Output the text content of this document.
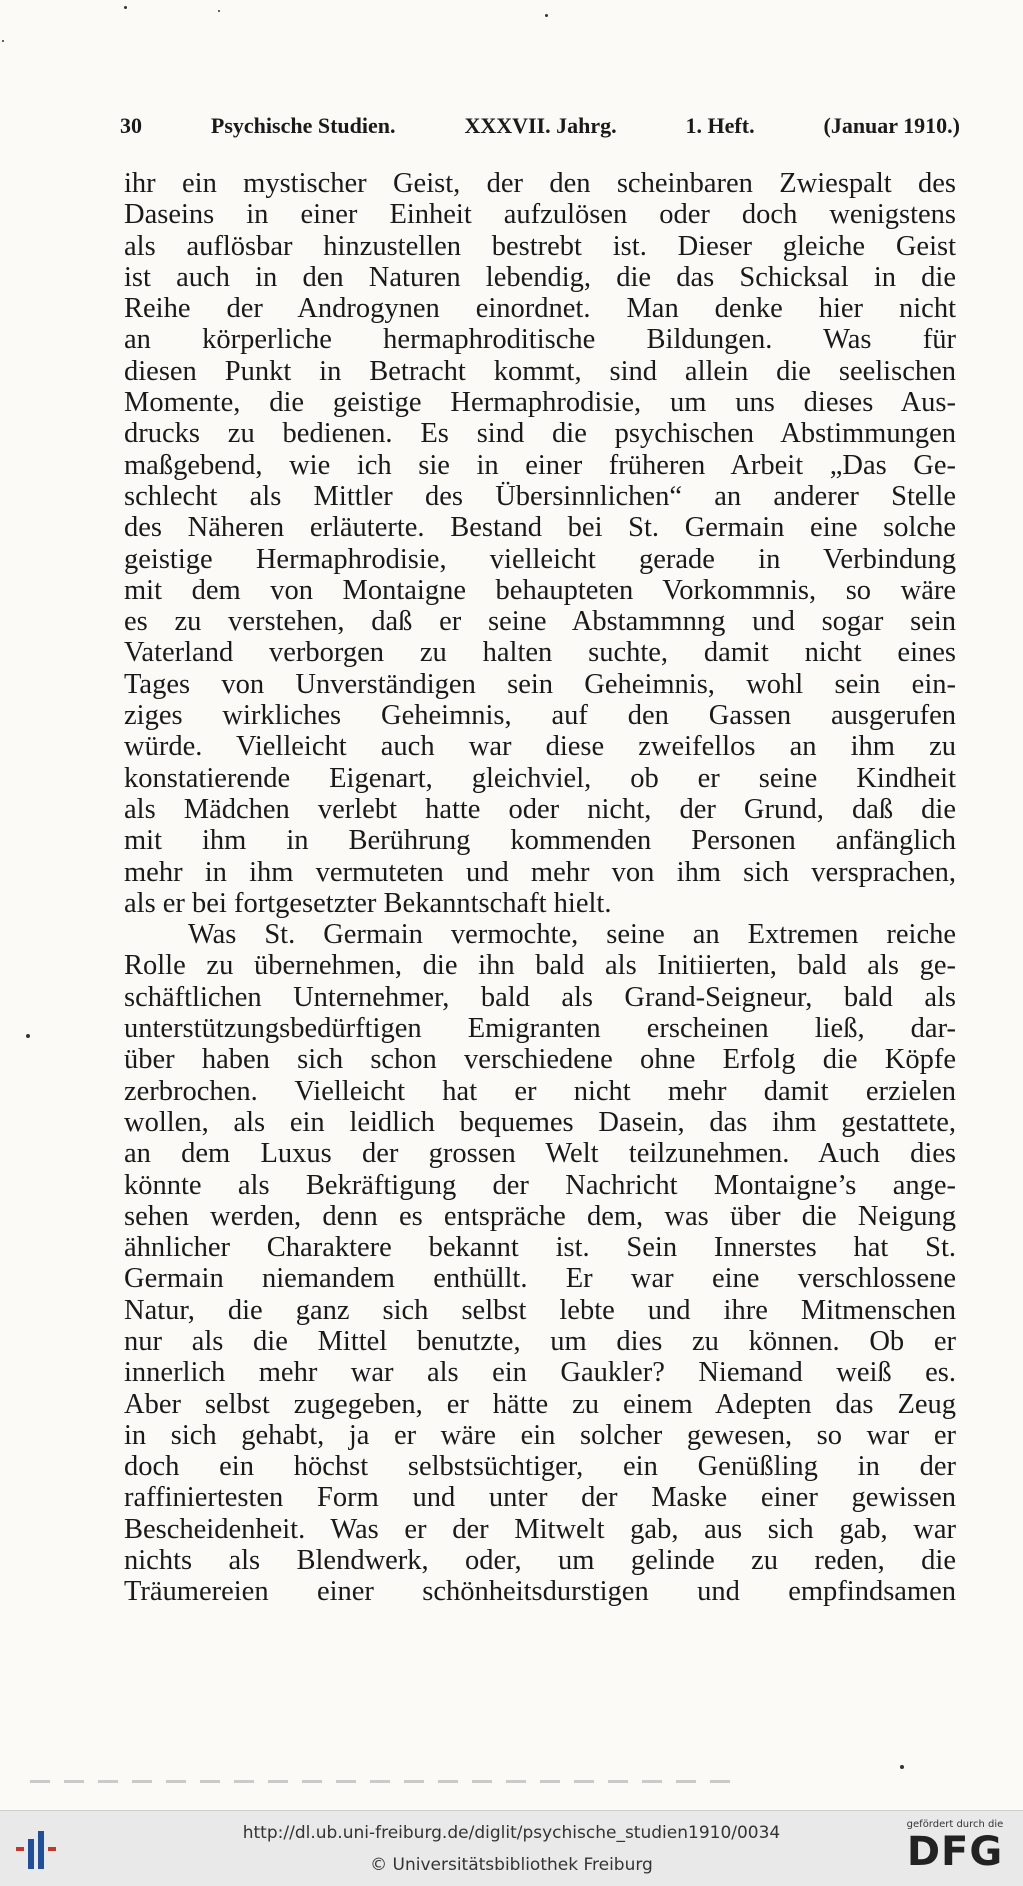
30	Psychische Studien.	XXXVII. Jahrg.	1. Heft.	(Januar 1910.)
ihr ein mystischer Geist, der den scheinbaren Zwiespalt des
Daseins in einer Einheit aufzulösen oder doch wenigstens
als auflösbar hinzustellen bestrebt ist. Dieser gleiche Geist
ist auch in den Naturen lebendig, die das Schicksal in die
Reihe der Androgynen einordnet. Man denke hier nicht
an körperliche hermaphroditische Bildungen. Was für
diesen Punkt in Betracht kommt, sind allein die seelischen
Momente, die geistige Hermaphrodisie, um uns dieses Aus-
drucks zu bedienen. Es sind die psychischen Abstimmungen
maßgebend, wie ich sie in einer früheren Arbeit „Das Ge-
schlecht als Mittler des Übersinnlichen“ an anderer Stelle
des Näheren erläuterte. Bestand bei St. Germain eine solche
geistige Hermaphrodisie, vielleicht gerade in Verbindung
mit dem von Montaigne behaupteten Vorkommnis, so wäre
es zu verstehen, daß er seine Abstammnng und sogar sein
Vaterland verborgen zu halten suchte, damit nicht eines
Tages von Unverständigen sein Geheimnis, wohl sein ein-
ziges wirkliches Geheimnis, auf den Gassen ausgerufen
würde. Vielleicht auch war diese zweifellos an ihm zu
konstatierende Eigenart, gleichviel, ob er seine Kindheit
als Mädchen verlebt hatte oder nicht, der Grund, daß die
mit ihm in Berührung kommenden Personen anfänglich
mehr in ihm vermuteten und mehr von ihm sich versprachen,
als er bei fortgesetzter Bekanntschaft hielt.
Was St. Germain vermochte, seine an Extremen reiche
Rolle zu übernehmen, die ihn bald als Initiierten, bald als ge-
schäftlichen Unternehmer, bald als Grand-Seigneur, bald als
unterstützungsbedürftigen Emigranten erscheinen ließ, dar-
über haben sich schon verschiedene ohne Erfolg die Köpfe
zerbrochen. Vielleicht hat er nicht mehr damit erzielen
wollen, als ein leidlich bequemes Dasein, das ihm gestattete,
an dem Luxus der grossen Welt teilzunehmen. Auch dies
könnte als Bekräftigung der Nachricht Montaigne’s ange-
sehen werden, denn es entspräche dem, was über die Neigung
ähnlicher Charaktere bekannt ist. Sein Innerstes hat St.
Germain niemandem enthüllt. Er war eine verschlossene
Natur, die ganz sich selbst lebte und ihre Mitmenschen
nur als die Mittel benutzte, um dies zu können. Ob er
innerlich mehr war als ein Gaukler? Niemand weiß es.
Aber selbst zugegeben, er hätte zu einem Adepten das Zeug
in sich gehabt, ja er wäre ein solcher gewesen, so war er
doch ein höchst selbstsüchtiger, ein Genüßling in der
raffiniertesten Form und unter der Maske einer gewissen
Bescheidenheit. Was er der Mitwelt gab, aus sich gab, war
nichts als Blendwerk, oder, um gelinde zu reden, die
Träumereien einer schönheitsdurstigen und empfindsamen
http://dl.ub.uni-freiburg.de/diglit/psychische_studien1910/0034
© Universitätsbibliothek Freiburg
gefördert durch die
DFG
